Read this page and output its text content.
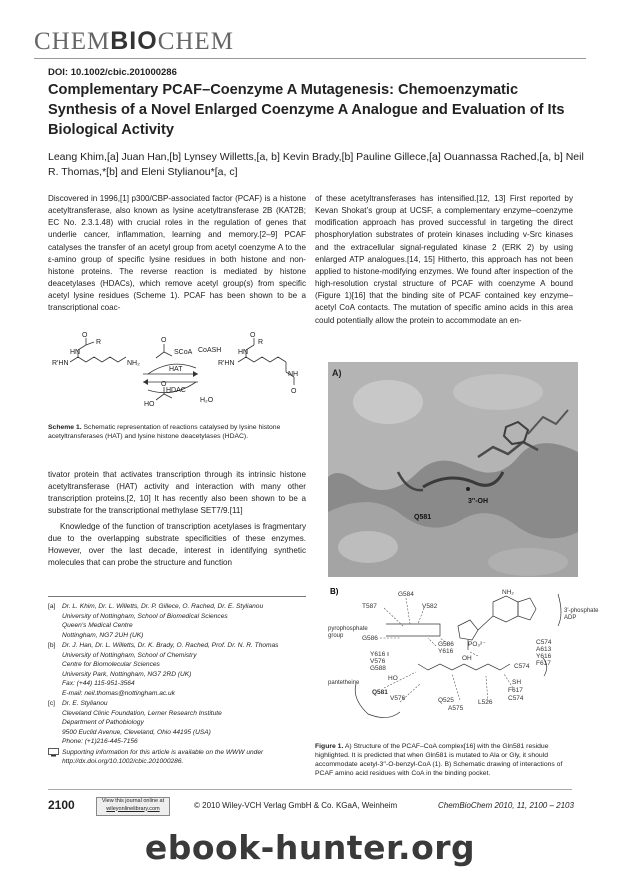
CHEMBIOCHEM
DOI: 10.1002/cbic.201000286
Complementary PCAF–Coenzyme A Mutagenesis: Chemoenzymatic Synthesis of a Novel Enlarged Coenzyme A Analogue and Evaluation of Its Biological Activity
Leang Khim,[a] Juan Han,[b] Lynsey Willetts,[a, b] Kevin Brady,[b] Pauline Gillece,[a] Ouannassa Rached,[a, b] Neil R. Thomas,*[b] and Eleni Stylianou*[a, c]

Discovered in 1996,[1] p300/CBP-associated factor (PCAF) is a histone acetyltransferase, also known as lysine acetyltransferase 2B (KAT2B; EC No. 2.3.1.48) with crucial roles in the regulation of genes that underlie cancer, inflammation, learning and memory.[2–9] PCAF catalyses the transfer of an acetyl group from acetyl coenzyme A to the ε-amino group of specific lysine residues in both histone and non-histone proteins. The reverse reaction is mediated by histone deacetylases (HDACs), which remove acetyl group(s) from specific acetyl lysine residues (Scheme 1). PCAF has been shown to be a transcriptional coac-

R'HN
HN
O
R
NH₂
SCoA
O
CoASH
HAT
HDAC
H₂O
HO
O
R'HN
HN
O
R
NH
O
Scheme 1. Schematic representation of reactions catalysed by lysine histone acetyltransferases (HAT) and lysine histone deacetylases (HDAC).

tivator protein that activates transcription through its intrinsic histone acetyltransferase (HAT) activity and interaction with many other transcription proteins.[2, 10] It has recently also been shown to be a substrate for the transcriptional methylase SET7/9.[11]

Knowledge of the function of transcription acetylases is fragmentary due to the overlapping substrate specificities of these enzymes. However, over the last decade, interest in identifying synthetic molecules that can probe the structure and function

[a] Dr. L. Khim, Dr. L. Willetts, Dr. P. Gillece, O. Rached, Dr. E. Stylianou
University of Nottingham, School of Biomedical Sciences
Queen’s Medical Centre
Nottingham, NG7 2UH (UK)
[b] Dr. J. Han, Dr. L. Willetts, Dr. K. Brady, O. Rached, Prof. Dr. N. R. Thomas
University of Nottingham, School of Chemistry
Centre for Biomolecular Sciences
University Park, Nottingham, NG7 2RD (UK)
Fax: (+44) 115-951-3564
E-mail: neil.thomas@nottingham.ac.uk
[c] Dr. E. Stylianou
Cleveland Clinic Foundation, Lerner Research Institute
Department of Pathobiology
9500 Euclid Avenue, Cleveland, Ohio 44195 (USA)
Phone: (+1)216-445-7156
Supporting information for this article is available on the WWW under http://dx.doi.org/10.1002/cbic.201000286.

of these acetyltransferases has intensified.[12, 13] First reported by Kevan Shokat’s group at UCSF, a complementary enzyme–coenzyme modification approach has proved successful in targeting the direct phosphorylation substrates of protein kinases including v-Src kinases and the extracellular signal-regulated kinase 2 (ERK 2) by using enlarged ATP analogues.[14, 15] Hitherto, this approach has not been applied to histone-modifying enzymes. We found after inspection of the high-resolution crystal structure of PCAF with coenzyme A bound (Figure 1)[16] that the binding site of PCAF contained key enzyme–acetyl CoA contacts. The mutation of specific amino acids in this area could potentially allow the protein to accommodate an en-

A)
3''-OH
Q581
B)	G584
T587	V582
NH₂
3'-phosphate ADP
pyrophosphate group	G586
G586
Y616
PO₃²⁻
OH
C574
A613
Y616
F617
Y616
V576
G588	C574
pantetheine
HO
Q581
V576	Q525
A575
L526
F617
C574
SH
Figure 1. A) Structure of the PCAF–CoA complex[16] with the Gln581 residue highlighted. It is predicted that when Gln581 is mutated to Ala or Gly, it should accommodate acetyl-3′′-O-benzyl-CoA (1). B) Schematic drawing of interactions of PCAF amino acid residues with CoA in the binding pocket.
2100	View this journal online at
wileyonlinelibrary.com	© 2010 Wiley-VCH Verlag GmbH & Co. KGaA, Weinheim	ChemBioChem 2010, 11, 2100 – 2103
ebook-hunter.org
